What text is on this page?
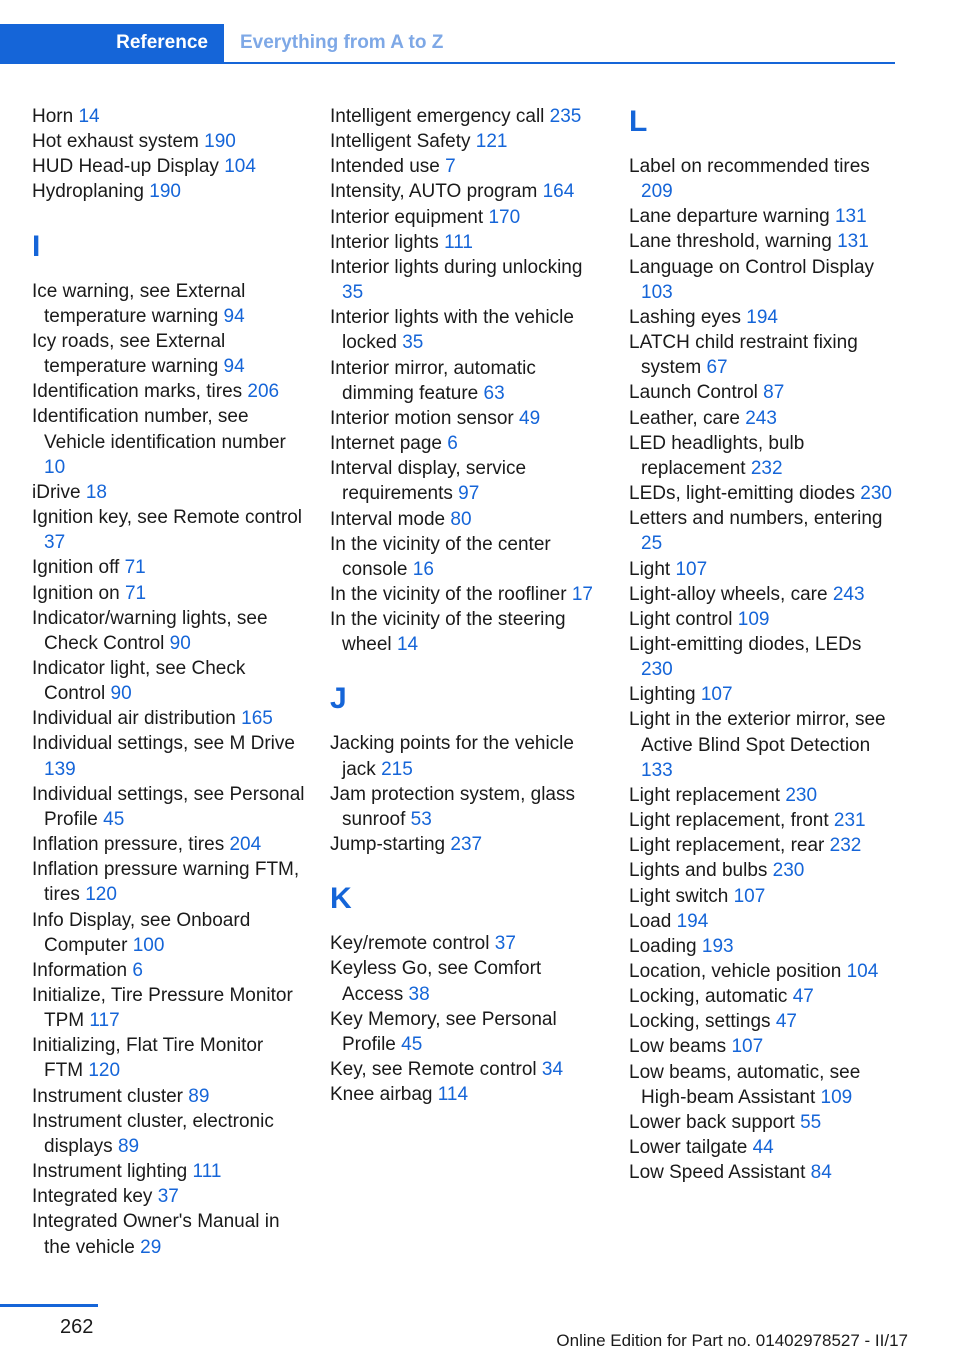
Reference	Everything from A to Z
Horn 14
Hot exhaust system 190
HUD Head-up Display 104
Hydroplaning 190
I
Ice warning, see External temperature warning 94
Icy roads, see External temperature warning 94
Identification marks, tires 206
Identification number, see Vehicle identification number 10
iDrive 18
Ignition key, see Remote control 37
Ignition off 71
Ignition on 71
Indicator/warning lights, see Check Control 90
Indicator light, see Check Control 90
Individual air distribution 165
Individual settings, see M Drive 139
Individual settings, see Personal Profile 45
Inflation pressure, tires 204
Inflation pressure warning FTM, tires 120
Info Display, see Onboard Computer 100
Information 6
Initialize, Tire Pressure Monitor TPM 117
Initializing, Flat Tire Monitor FTM 120
Instrument cluster 89
Instrument cluster, electronic displays 89
Instrument lighting 111
Integrated key 37
Integrated Owner's Manual in the vehicle 29
Intelligent emergency call 235
Intelligent Safety 121
Intended use 7
Intensity, AUTO program 164
Interior equipment 170
Interior lights 111
Interior lights during unlocking 35
Interior lights with the vehicle locked 35
Interior mirror, automatic dimming feature 63
Interior motion sensor 49
Internet page 6
Interval display, service requirements 97
Interval mode 80
In the vicinity of the center console 16
In the vicinity of the roofliner 17
In the vicinity of the steering wheel 14
J
Jacking points for the vehicle jack 215
Jam protection system, glass sunroof 53
Jump-starting 237
K
Key/remote control 37
Keyless Go, see Comfort Access 38
Key Memory, see Personal Profile 45
Key, see Remote control 34
Knee airbag 114
L
Label on recommended tires 209
Lane departure warning 131
Lane threshold, warning 131
Language on Control Display 103
Lashing eyes 194
LATCH child restraint fixing system 67
Launch Control 87
Leather, care 243
LED headlights, bulb replacement 232
LEDs, light-emitting diodes 230
Letters and numbers, entering 25
Light 107
Light-alloy wheels, care 243
Light control 109
Light-emitting diodes, LEDs 230
Lighting 107
Light in the exterior mirror, see Active Blind Spot Detection 133
Light replacement 230
Light replacement, front 231
Light replacement, rear 232
Lights and bulbs 230
Light switch 107
Load 194
Loading 193
Location, vehicle position 104
Locking, automatic 47
Locking, settings 47
Low beams 107
Low beams, automatic, see High-beam Assistant 109
Lower back support 55
Lower tailgate 44
Low Speed Assistant 84
262
Online Edition for Part no. 01402978527 - II/17
